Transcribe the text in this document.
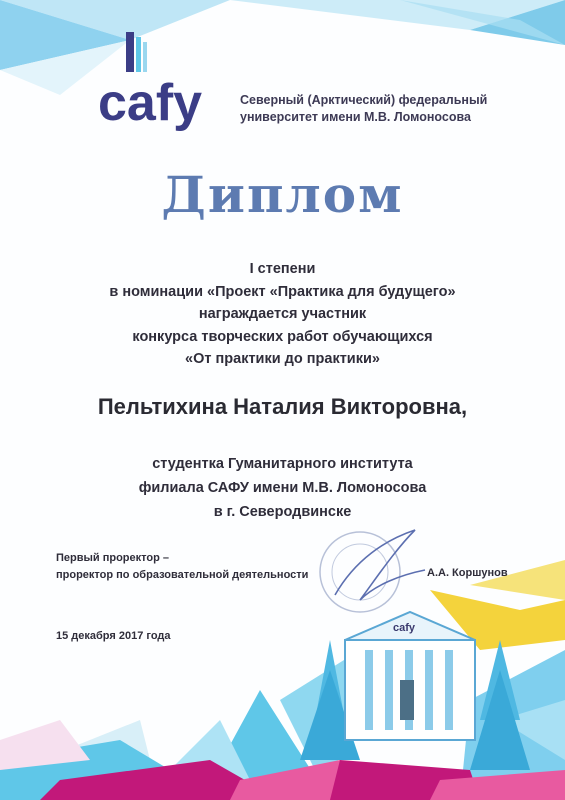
cafy	Северный (Арктический) федеральный
университет имени М.В. Ломоносова
Диплом
I степени
в номинации «Проект «Практика для будущего»
награждается участник
конкурса творческих работ обучающихся
«От практики до практики»
Пельтихина Наталия Викторовна,
студентка Гуманитарного института
филиала САФУ имени М.В. Ломоносова
в г. Северодвинске
Первый проректор –
проректор по образовательной деятельности	А.А. Коршунов
15 декабря 2017 года
cafy
